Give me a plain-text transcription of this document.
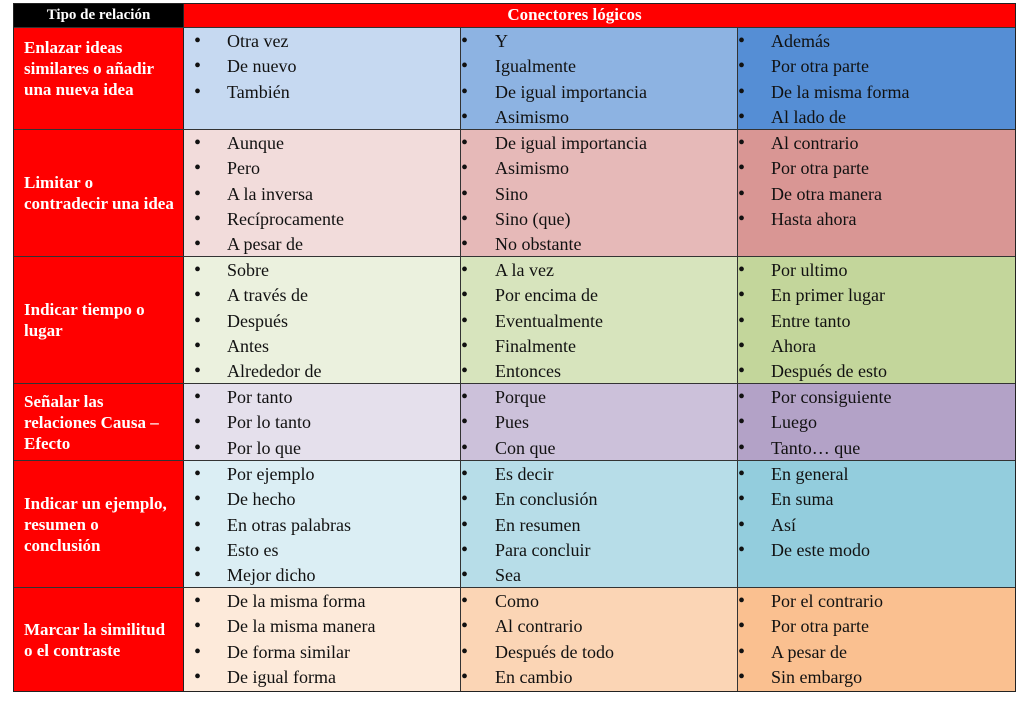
Tipo de relación	Conectores lógicos
Enlazar ideas similares o añadir una nueva idea
• Otra vez
• De nuevo
• También
• Y
• Igualmente
• De igual importancia
• Asimismo
• Además
• Por otra parte
• De la misma forma
• Al lado de
Limitar o contradecir una idea
• Aunque
• Pero
• A la inversa
• Recíprocamente
• A pesar de
• De igual importancia
• Asimismo
• Sino
• Sino (que)
• No obstante
• Al contrario
• Por otra parte
• De otra manera
• Hasta ahora
Indicar tiempo o lugar
• Sobre
• A través de
• Después
• Antes
• Alrededor de
• A la vez
• Por encima de
• Eventualmente
• Finalmente
• Entonces
• Por ultimo
• En primer lugar
• Entre tanto
• Ahora
• Después de esto
Señalar las relaciones Causa – Efecto
• Por tanto
• Por lo tanto
• Por lo que
• Porque
• Pues
• Con que
• Por consiguiente
• Luego
• Tanto… que
Indicar un ejemplo, resumen o conclusión
• Por ejemplo
• De hecho
• En otras palabras
• Esto es
• Mejor dicho
• Es decir
• En conclusión
• En resumen
• Para concluir
• Sea
• En general
• En suma
• Así
• De este modo
Marcar la similitud o el contraste
• De la misma forma
• De la misma manera
• De forma similar
• De igual forma
• Como
• Al contrario
• Después de todo
• En cambio
• Por el contrario
• Por otra parte
• A pesar de
• Sin embargo
